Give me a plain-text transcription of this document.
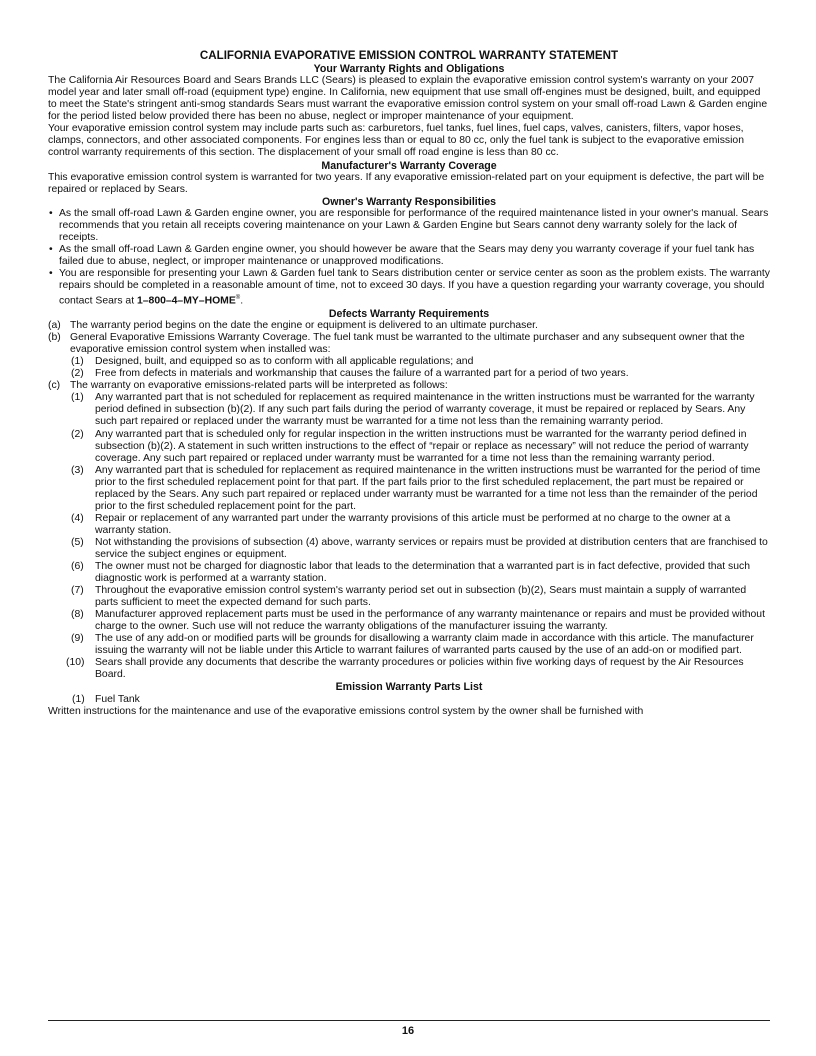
CALIFORNIA EVAPORATIVE EMISSION CONTROL WARRANTY STATEMENT
Your Warranty Rights and Obligations

The California Air Resources Board and Sears Brands LLC (Sears) is pleased to explain the evaporative emission control system's warranty on your 2007 model year and later small off-road (equipment type) engine. In California, new equipment that use small off-engines must be designed, built, and equipped to meet the State's stringent anti-smog standards Sears must warrant the evaporative emission control system on your small off-road Lawn & Garden engine for the period listed below provided there has been no abuse, neglect or improper maintenance of your equipment.

Your evaporative emission control system may include parts such as: carburetors, fuel tanks, fuel lines, fuel caps, valves, canisters, filters, vapor hoses, clamps, connectors, and other associated components. For engines less than or equal to 80 cc, only the fuel tank is subject to the evaporative emission control warranty requirements of this section. The displacement of your small off road engine is less than 80 cc.

Manufacturer's Warranty Coverage

This evaporative emission control system is warranted for two years. If any evaporative emission-related part on your equipment is defective, the part will be repaired or replaced by Sears.

Owner's Warranty Responsibilities
• As the small off-road Lawn & Garden engine owner, you are responsible for performance of the required maintenance listed in your owner's manual. Sears recommends that you retain all receipts covering maintenance on your Lawn & Garden Engine but Sears cannot deny warranty solely for the lack of receipts.
• As the small off-road Lawn & Garden engine owner, you should however be aware that the Sears may deny you warranty coverage if your fuel tank has failed due to abuse, neglect, or improper maintenance or unapproved modifications.
• You are responsible for presenting your Lawn & Garden fuel tank to Sears distribution center or service center as soon as the problem exists. The warranty repairs should be completed in a reasonable amount of time, not to exceed 30 days. If you have a question regarding your warranty coverage, you should contact Sears at 1–800–4–MY–HOME®.
Defects Warranty Requirements
(a) The warranty period begins on the date the engine or equipment is delivered to an ultimate purchaser.
(b) General Evaporative Emissions Warranty Coverage. The fuel tank must be warranted to the ultimate purchaser and any subsequent owner that the evaporative emission control system when installed was:
(1) Designed, built, and equipped so as to conform with all applicable regulations; and
(2) Free from defects in materials and workmanship that causes the failure of a warranted part for a period of two years.
(c) The warranty on evaporative emissions-related parts will be interpreted as follows:
(1) Any warranted part that is not scheduled for replacement as required maintenance in the written instructions must be warranted for the warranty period defined in subsection (b)(2). If any such part fails during the period of warranty coverage, it must be repaired or replaced by Sears. Any such part repaired or replaced under the warranty must be warranted for a time not less than the remaining warranty period.
(2) Any warranted part that is scheduled only for regular inspection in the written instructions must be warranted for the warranty period defined in subsection (b)(2). A statement in such written instructions to the effect of “repair or replace as necessary” will not reduce the period of warranty coverage. Any such part repaired or replaced under warranty must be warranted for a time not less than the remaining warranty period.
(3) Any warranted part that is scheduled for replacement as required maintenance in the written instructions must be warranted for the period of time prior to the first scheduled replacement point for that part. If the part fails prior to the first scheduled replacement, the part must be repaired or replaced by the Sears. Any such part repaired or replaced under warranty must be warranted for a time not less than the remainder of the period prior to the first scheduled replacement point for the part.
(4) Repair or replacement of any warranted part under the warranty provisions of this article must be performed at no charge to the owner at a warranty station.
(5) Not withstanding the provisions of subsection (4) above, warranty services or repairs must be provided at distribution centers that are franchised to service the subject engines or equipment.
(6) The owner must not be charged for diagnostic labor that leads to the determination that a warranted part is in fact defective, provided that such diagnostic work is performed at a warranty station.
(7) Throughout the evaporative emission control system's warranty period set out in subsection (b)(2), Sears must maintain a supply of warranted parts sufficient to meet the expected demand for such parts.
(8) Manufacturer approved replacement parts must be used in the performance of any warranty maintenance or repairs and must be provided without charge to the owner. Such use will not reduce the warranty obligations of the manufacturer issuing the warranty.
(9) The use of any add-on or modified parts will be grounds for disallowing a warranty claim made in accordance with this article. The manufacturer issuing the warranty will not be liable under this Article to warrant failures of warranted parts caused by the use of an add-on or modified part.
(10) Sears shall provide any documents that describe the warranty procedures or policies within five working days of request by the Air Resources Board.
Emission Warranty Parts List
(1) Fuel Tank

Written instructions for the maintenance and use of the evaporative emissions control system by the owner shall be furnished with

16
